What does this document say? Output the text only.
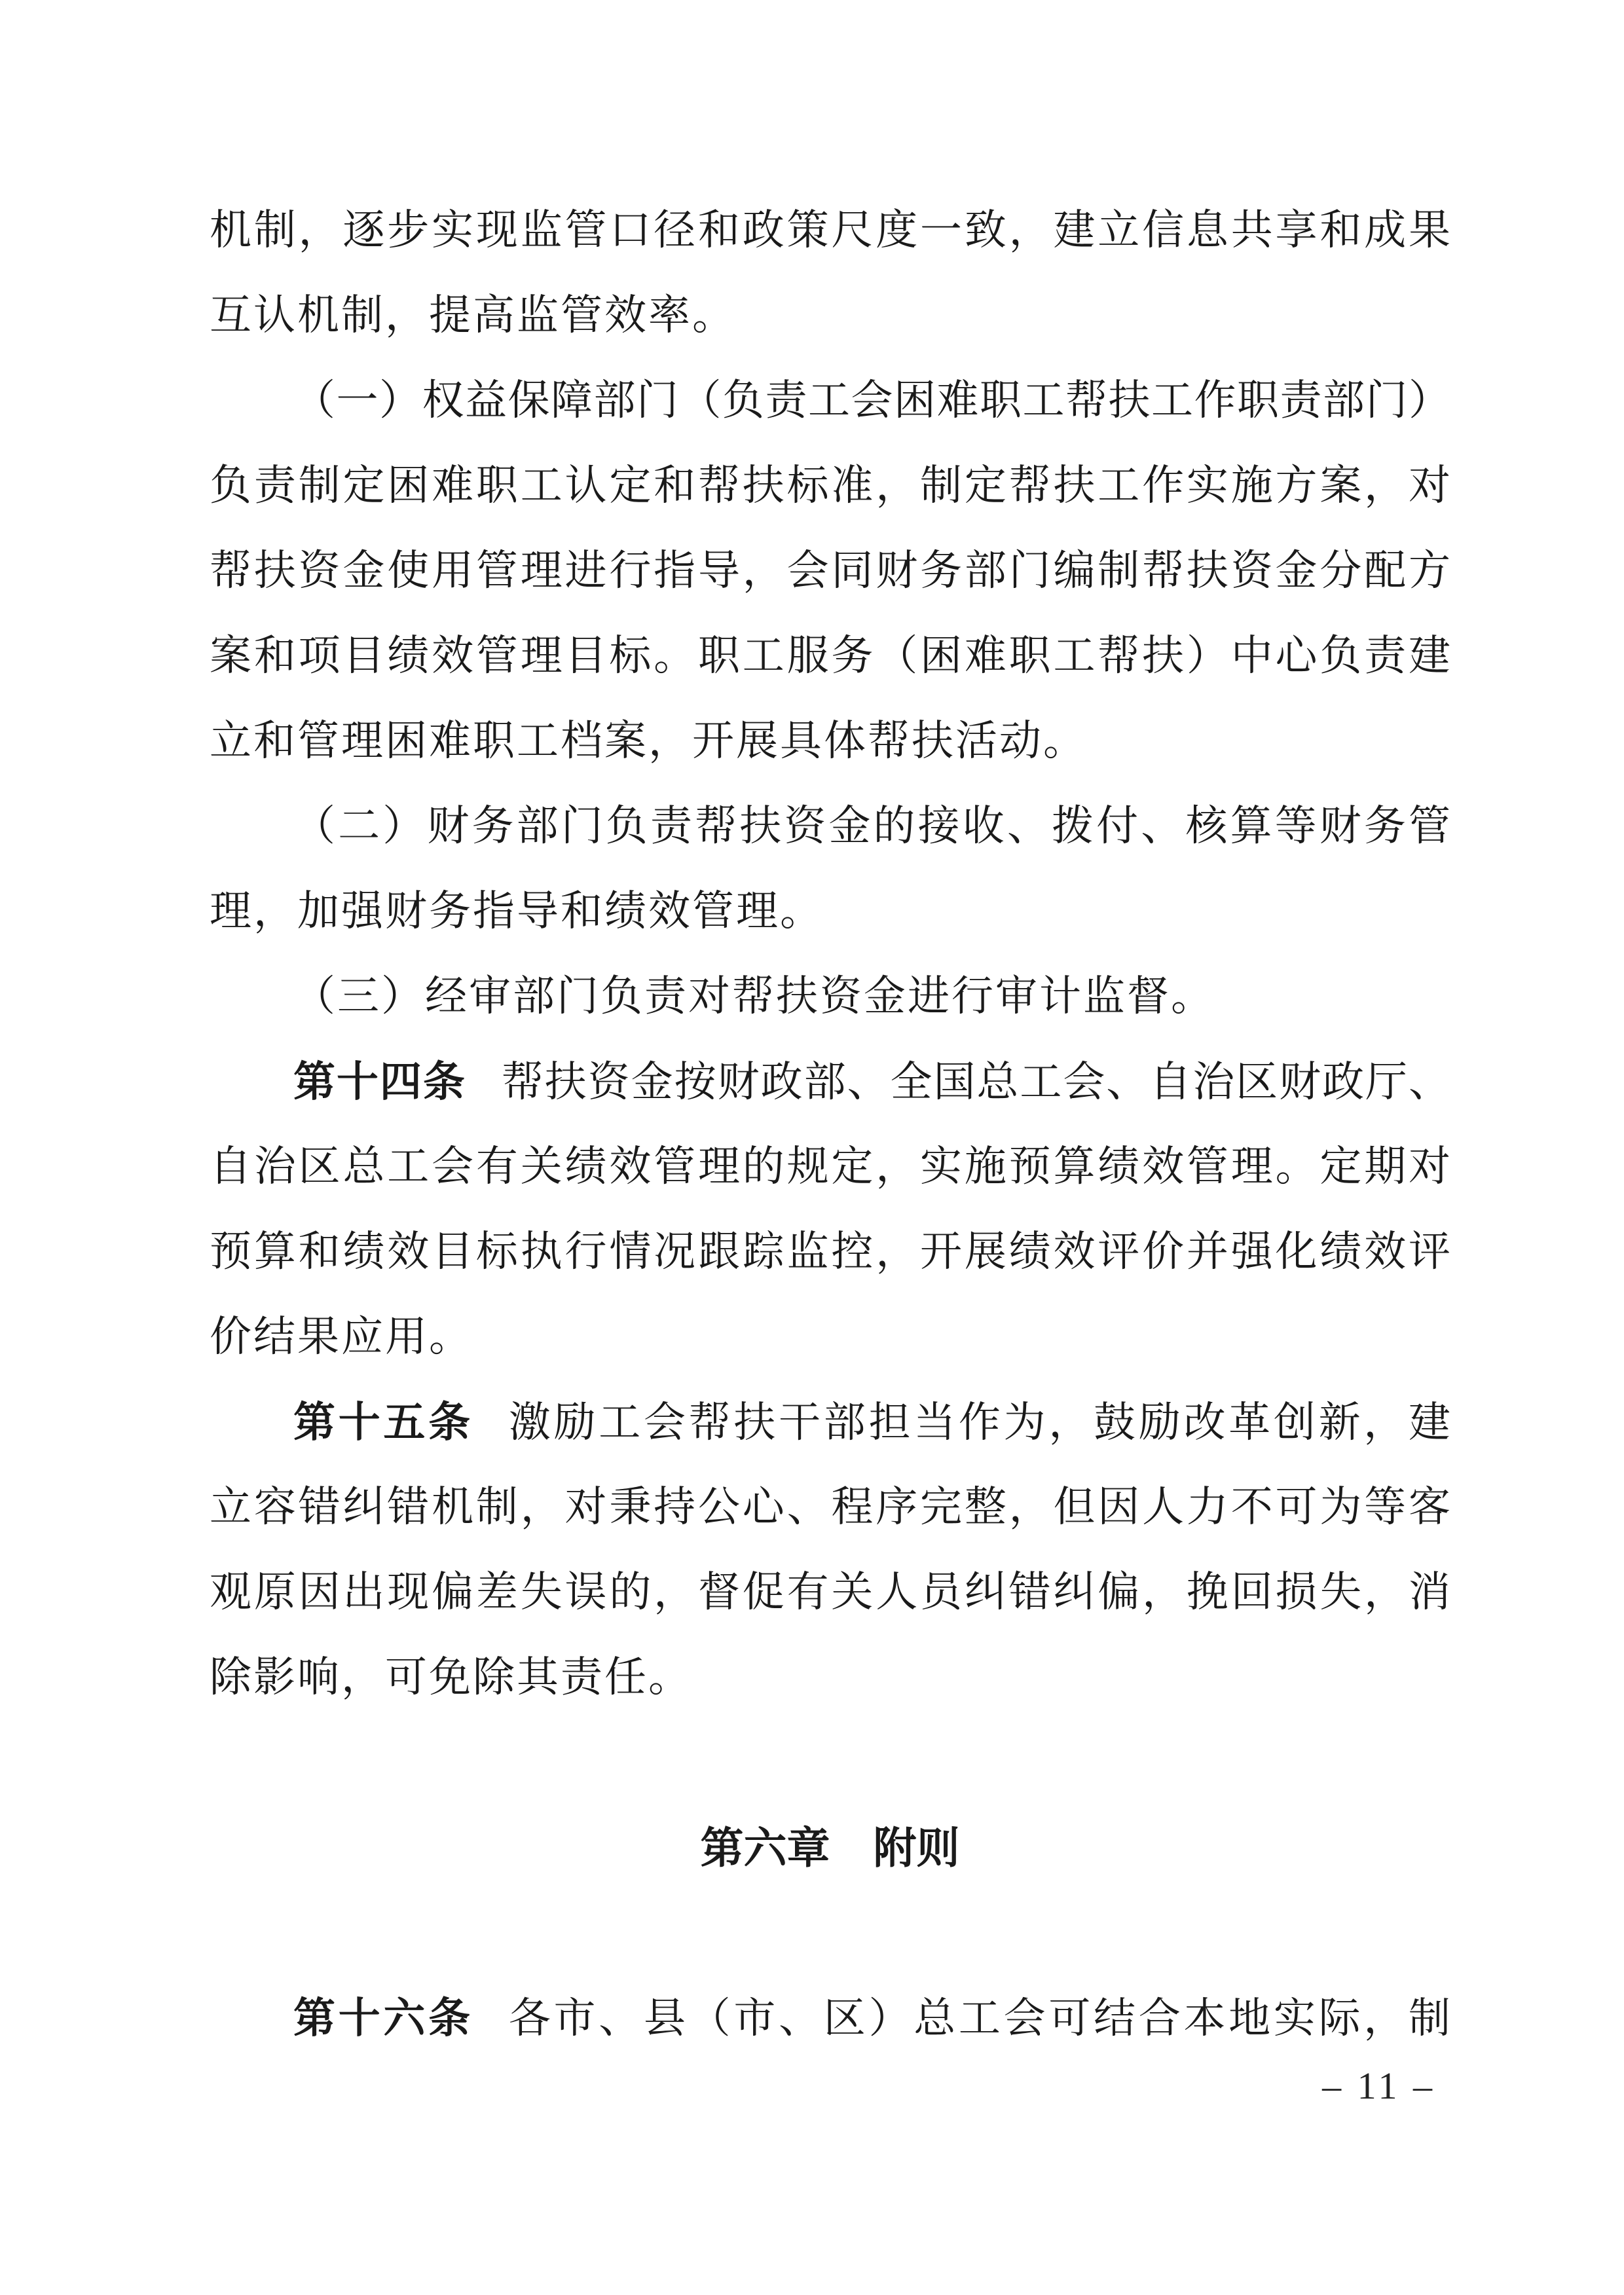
机制，逐步实现监管口径和政策尺度一致，建立信息共享和成果
互认机制，提高监管效率。
（一）权益保障部门（负责工会困难职工帮扶工作职责部门）
负责制定困难职工认定和帮扶标准，制定帮扶工作实施方案，对
帮扶资金使用管理进行指导，会同财务部门编制帮扶资金分配方
案和项目绩效管理目标。职工服务（困难职工帮扶）中心负责建
立和管理困难职工档案，开展具体帮扶活动。
（二）财务部门负责帮扶资金的接收、拨付、核算等财务管
理，加强财务指导和绩效管理。
（三）经审部门负责对帮扶资金进行审计监督。
第十四条 帮扶资金按财政部、全国总工会、自治区财政厅、
自治区总工会有关绩效管理的规定，实施预算绩效管理。定期对
预算和绩效目标执行情况跟踪监控，开展绩效评价并强化绩效评
价结果应用。
第十五条 激励工会帮扶干部担当作为，鼓励改革创新，建
立容错纠错机制，对秉持公心、程序完整，但因人力不可为等客
观原因出现偏差失误的，督促有关人员纠错纠偏，挽回损失，消
除影响，可免除其责任。
第六章　附则
第十六条 各市、县（市、区）总工会可结合本地实际，制
– 11 –
